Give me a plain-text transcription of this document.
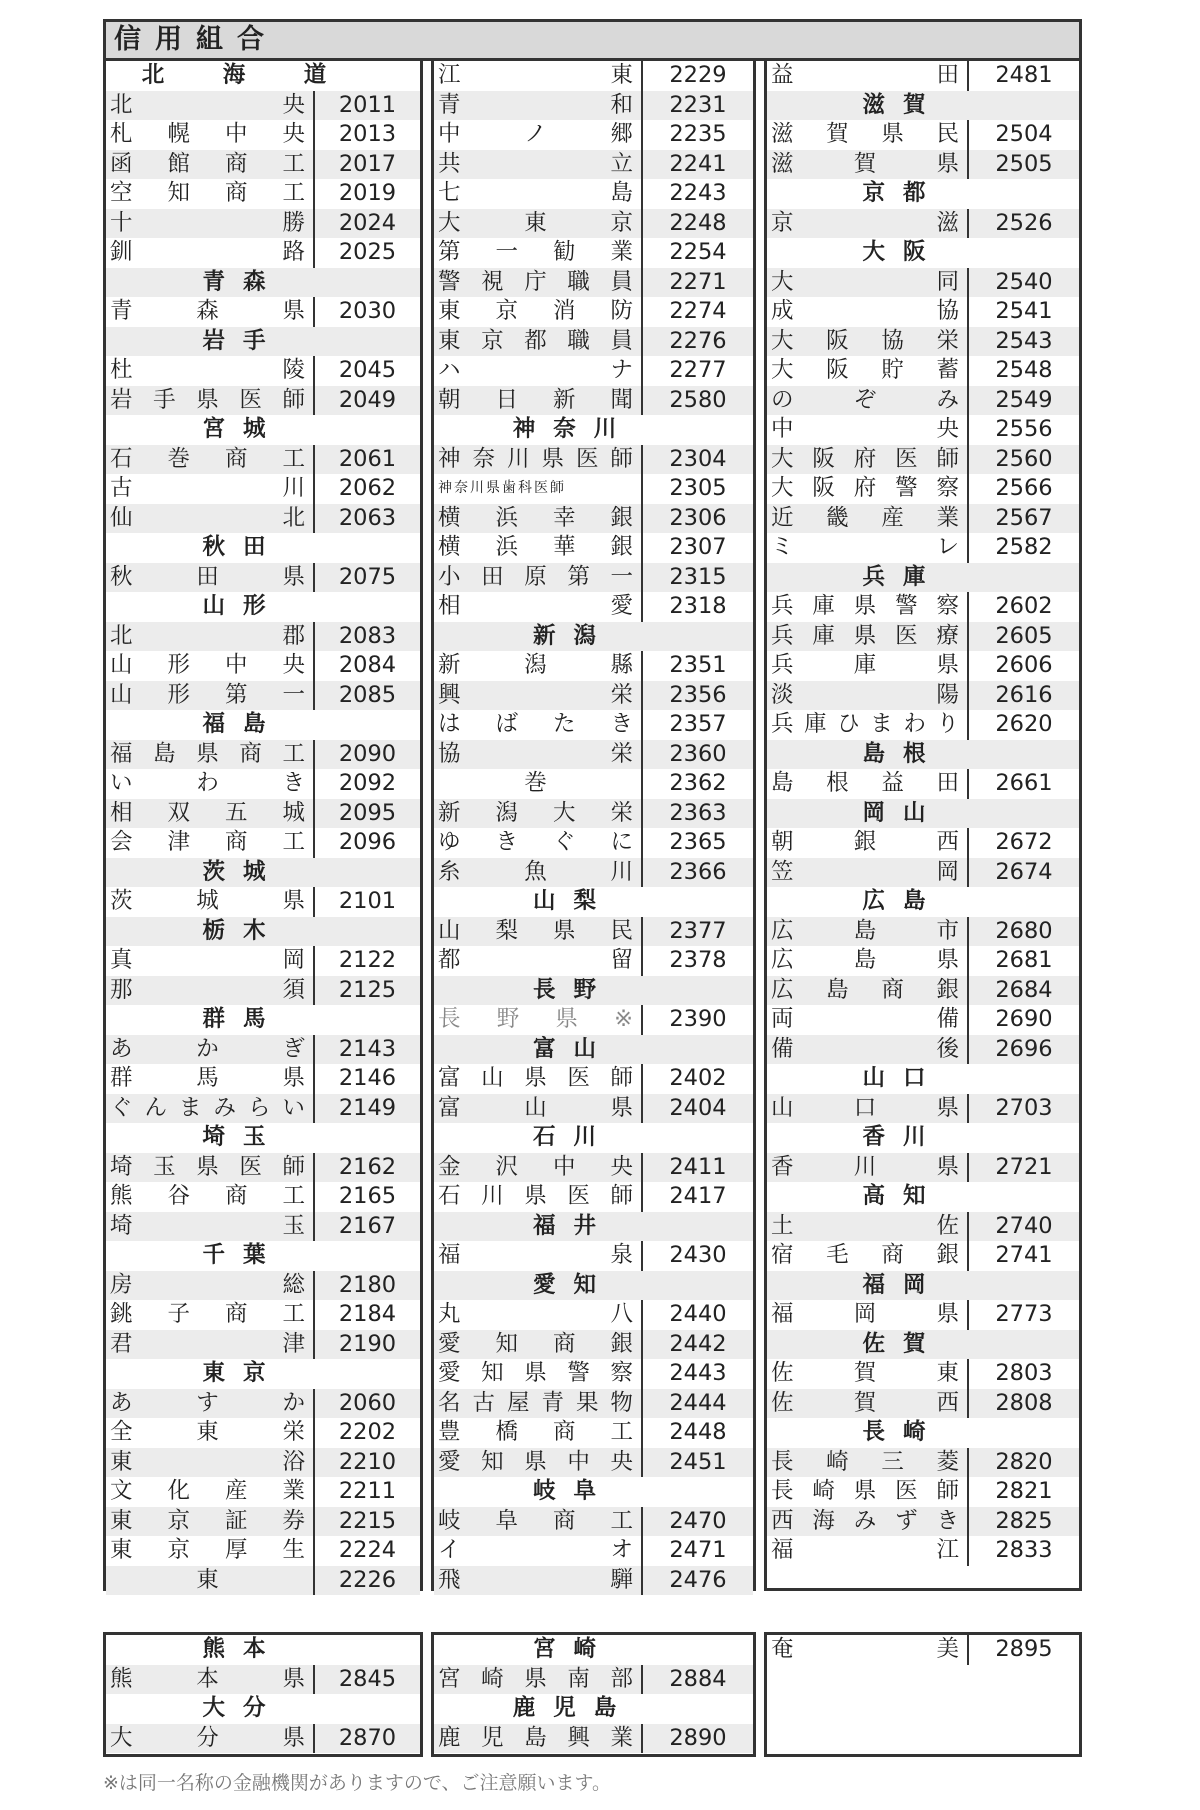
信用組合
北　海　道
北	央	2011
札 幌 中 央	2013
函 館 商 工	2017
空 知 商 工	2019
十	勝	2024
釧	路	2025
青森
青	森	県	2030
岩手
杜	陵	2045
岩 手 県 医 師	2049
宮城
石 巻 商 工	2061
古	川	2062
仙	北	2063
秋田
秋	田	県	2075
山形
北	郡	2083
山 形 中 央	2084
山 形 第 一	2085
福島
福 島 県 商 工	2090
い	わ	き	2092
相 双 五 城	2095
会 津 商 工	2096
茨城
茨	城	県	2101
栃木
真	岡	2122
那	須	2125
群馬
あ	か	ぎ	2143
群	馬	県	2146
ぐ ん ま み ら い	2149
埼玉
埼 玉 県 医 師	2162
熊 谷 商 工	2165
埼	玉	2167
千葉
房	総	2180
銚 子 商 工	2184
君	津	2190
東京
あ	す	か	2060
全	東	栄	2202
東	浴	2210
文 化 産 業	2211
東 京 証 券	2215
東 京 厚 生	2224
東	2226
江	東	2229
青	和	2231
中	ノ	郷	2235
共	立	2241
七	島	2243
大	東	京	2248
第 一 勧 業	2254
警 視 庁 職 員	2271
東 京 消 防	2274
東 京 都 職 員	2276
ハ	ナ	2277
朝 日 新 聞	2580
神奈川
神 奈 川 県 医 師	2304
神奈川県歯科医師	2305
横 浜 幸 銀	2306
横 浜 華 銀	2307
小 田 原 第 一	2315
相	愛	2318
新潟
新	潟	縣	2351
興	栄	2356
は ば た き	2357
協	栄	2360
巻	2362
新 潟 大 栄	2363
ゆ き ぐ に	2365
糸	魚	川	2366
山梨
山 梨 県 民	2377
都	留	2378
長野
長 野 県 ※	2390
富山
富 山 県 医 師	2402
富	山	県	2404
石川
金 沢 中 央	2411
石 川 県 医 師	2417
福井
福	泉	2430
愛知
丸	八	2440
愛 知 商 銀	2442
愛 知 県 警 察	2443
名 古 屋 青 果 物	2444
豊 橋 商 工	2448
愛 知 県 中 央	2451
岐阜
岐 阜 商 工	2470
イ	オ	2471
飛	騨	2476
益	田	2481
滋賀
滋 賀 県 民	2504
滋	賀	県	2505
京都
京	滋	2526
大阪
大	同	2540
成	協	2541
大 阪 協 栄	2543
大 阪 貯 蓄	2548
の	ぞ	み	2549
中	央	2556
大 阪 府 医 師	2560
大 阪 府 警 察	2566
近 畿 産 業	2567
ミ	レ	2582
兵庫
兵 庫 県 警 察	2602
兵 庫 県 医 療	2605
兵	庫	県	2606
淡	陽	2616
兵 庫 ひ ま わ り	2620
島根
島 根 益 田	2661
岡山
朝	銀	西	2672
笠	岡	2674
広島
広	島	市	2680
広	島	県	2681
広 島 商 銀	2684
両	備	2690
備	後	2696
山口
山	口	県	2703
香川
香	川	県	2721
高知
土	佐	2740
宿 毛 商 銀	2741
福岡
福	岡	県	2773
佐賀
佐	賀	東	2803
佐	賀	西	2808
長崎
長 崎 三 菱	2820
長 崎 県 医 師	2821
西 海 み ず き	2825
福	江	2833
熊本
熊	本	県	2845
大分
大	分	県	2870
宮崎
宮 崎 県 南 部	2884
鹿児島
鹿 児 島 興 業	2890
奄	美	2895
※は同一名称の金融機関がありますので、ご注意願います。
